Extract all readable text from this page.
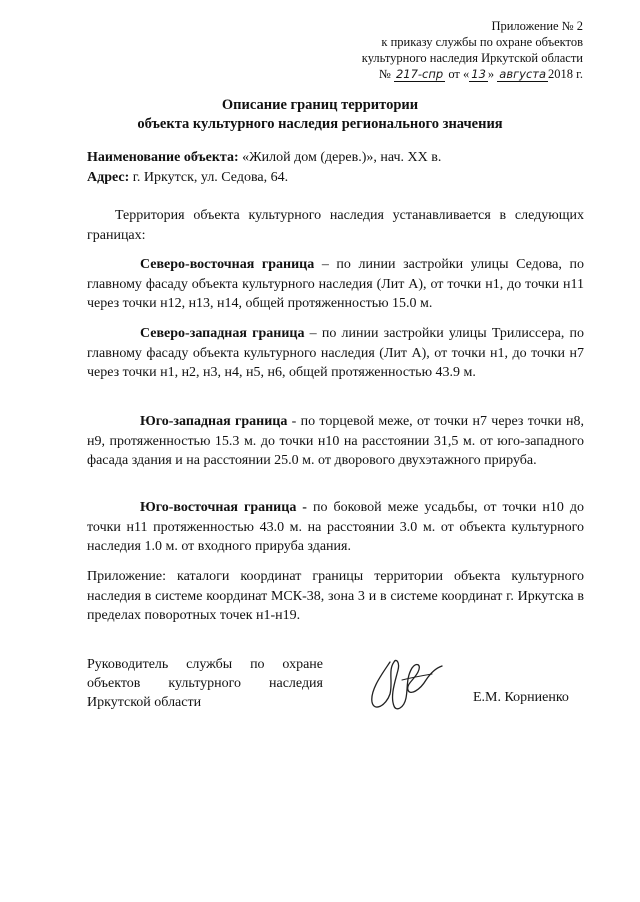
Приложение № 2
к приказу службы по охране объектов
культурного наследия Иркутской области
№ 217-спр от « 13 » августа 2018 г.
Описание границ территории
объекта культурного наследия регионального значения
Наименование объекта: «Жилой дом (дерев.)», нач. XX в.
Адрес: г. Иркутск, ул. Седова, 64.
Территория объекта культурного наследия устанавливается в следующих границах:
Северо-восточная граница – по линии застройки улицы Седова, по главному фасаду объекта культурного наследия (Лит А), от точки н1, до точки н11 через точки н12, н13, н14, общей протяженностью 15.0 м.
Северо-западная граница – по линии застройки улицы Трилиссера, по главному фасаду объекта культурного наследия (Лит А), от точки н1, до точки н7 через точки н1, н2, н3, н4, н5, н6, общей протяженностью 43.9 м.
Юго-западная граница - по торцевой меже, от точки н7 через точки н8, н9, протяженностью 15.3 м. до точки н10 на расстоянии 31,5 м. от юго-западного фасада здания и на расстоянии 25.0 м. от дворового двухэтажного прируба.
Юго-восточная граница - по боковой меже усадьбы, от точки н10 до точки н11 протяженностью 43.0 м. на расстоянии 3.0 м. от объекта культурного наследия 1.0 м. от входного прируба здания.
Приложение: каталоги координат границы территории объекта культурного наследия в системе координат МСК-38, зона 3 и в системе координат г. Иркутска в пределах поворотных точек н1-н19.
Руководитель службы по охране объектов культурного наследия Иркутской области	Е.М. Корниенко
